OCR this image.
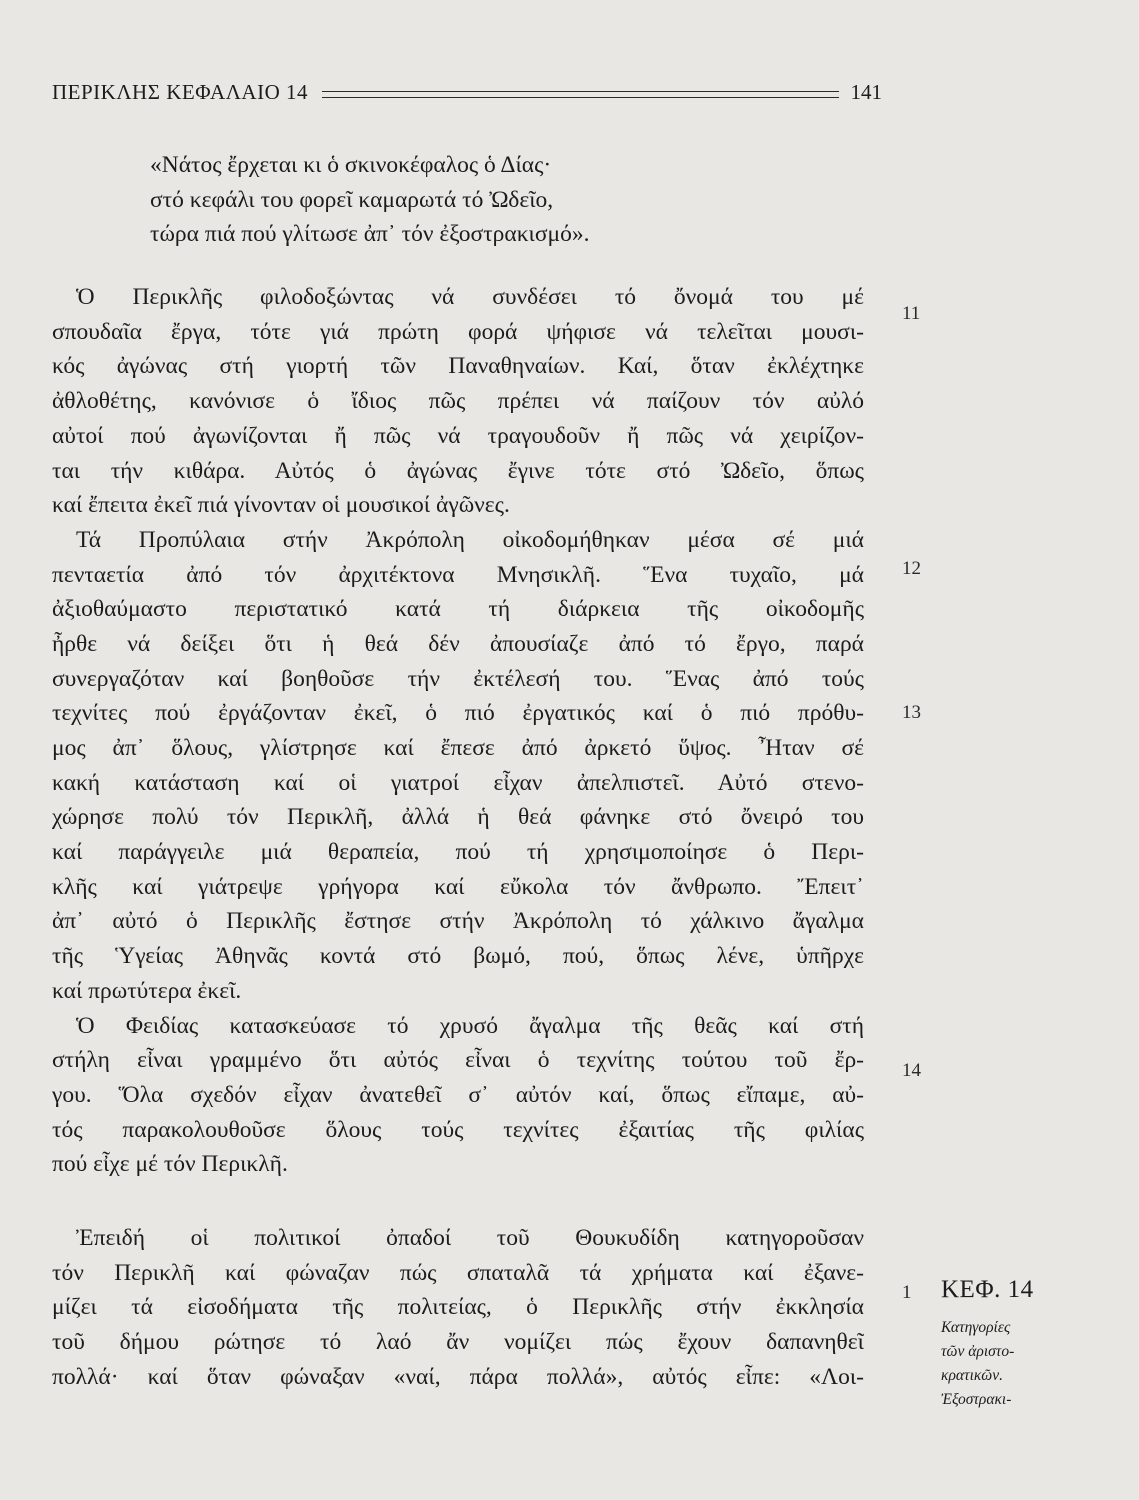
ΠΕΡΙΚΛΗΣ ΚΕΦΑΛΑΙΟ 14	141
«Νάτος ἔρχεται κι ὁ σκινοκέφαλος ὁ Δίας·
στό κεφάλι του φορεῖ καμαρωτά τό Ὠδεῖο,
τώρα πιά πού γλίτωσε ἀπ᾽ τόν ἐξοστρακισμό».
Ὁ Περικλῆς φιλοδοξώντας νά συνδέσει τό ὄνομά του μέ
σπουδαῖα ἔργα, τότε γιά πρώτη φορά ψήφισε νά τελεῖται μουσι-
κός ἀγώνας στή γιορτή τῶν Παναθηναίων. Καί, ὅταν ἐκλέχτηκε
ἀθλοθέτης, κανόνισε ὁ ἴδιος πῶς πρέπει νά παίζουν τόν αὐλό
αὐτοί πού ἀγωνίζονται ἤ πῶς νά τραγουδοῦν ἤ πῶς νά χειρίζον-
ται τήν κιθάρα. Αὐτός ὁ ἀγώνας ἔγινε τότε στό Ὠδεῖο, ὅπως
καί ἔπειτα ἐκεῖ πιά γίνονταν οἱ μουσικοί ἀγῶνες.
Τά Προπύλαια στήν Ἀκρόπολη οἰκοδομήθηκαν μέσα σέ μιά
πενταετία ἀπό τόν ἀρχιτέκτονα Μνησικλῆ. Ἕνα τυχαῖο, μά
ἀξιοθαύμαστο περιστατικό κατά τή διάρκεια τῆς οἰκοδομῆς
ἦρθε νά δείξει ὅτι ἡ θεά δέν ἀπουσίαζε ἀπό τό ἔργο, παρά
συνεργαζόταν καί βοηθοῦσε τήν ἐκτέλεσή του. Ἕνας ἀπό τούς
τεχνίτες πού ἐργάζονταν ἐκεῖ, ὁ πιό ἐργατικός καί ὁ πιό πρόθυ-
μος ἀπ᾽ ὅλους, γλίστρησε καί ἔπεσε ἀπό ἀρκετό ὕψος. Ἦταν σέ
κακή κατάσταση καί οἱ γιατροί εἶχαν ἀπελπιστεῖ. Αὐτό στενο-
χώρησε πολύ τόν Περικλῆ, ἀλλά ἡ θεά φάνηκε στό ὄνειρό του
καί παράγγειλε μιά θεραπεία, πού τή χρησιμοποίησε ὁ Περι-
κλῆς καί γιάτρεψε γρήγορα καί εὔκολα τόν ἄνθρωπο. Ἔπειτ᾽
ἀπ᾽ αὐτό ὁ Περικλῆς ἔστησε στήν Ἀκρόπολη τό χάλκινο ἄγαλμα
τῆς Ὑγείας Ἀθηνᾶς κοντά στό βωμό, πού, ὅπως λένε, ὑπῆρχε
καί πρωτύτερα ἐκεῖ.
Ὁ Φειδίας κατασκεύασε τό χρυσό ἄγαλμα τῆς θεᾶς καί στή
στήλη εἶναι γραμμένο ὅτι αὐτός εἶναι ὁ τεχνίτης τούτου τοῦ ἔρ-
γου. Ὅλα σχεδόν εἶχαν ἀνατεθεῖ σ᾽ αὐτόν καί, ὅπως εἴπαμε, αὐ-
τός παρακολουθοῦσε ὅλους τούς τεχνίτες ἐξαιτίας τῆς φιλίας
πού εἶχε μέ τόν Περικλῆ.
Ἐπειδή οἱ πολιτικοί ὀπαδοί τοῦ Θουκυδίδη κατηγοροῦσαν
τόν Περικλῆ καί φώναζαν πώς σπαταλᾶ τά χρήματα καί ἐξανε-
μίζει τά εἰσοδήματα τῆς πολιτείας, ὁ Περικλῆς στήν ἐκκλησία
τοῦ δήμου ρώτησε τό λαό ἄν νομίζει πώς ἔχουν δαπανηθεῖ
πολλά· καί ὅταν φώναξαν «ναί, πάρα πολλά», αὐτός εἶπε: «Λοι-
11
12
13
14
1 ΚΕΦ. 14
Κατηγορίες
τῶν ἀριστο-
κρατικῶν.
Ἐξοστρακι-
